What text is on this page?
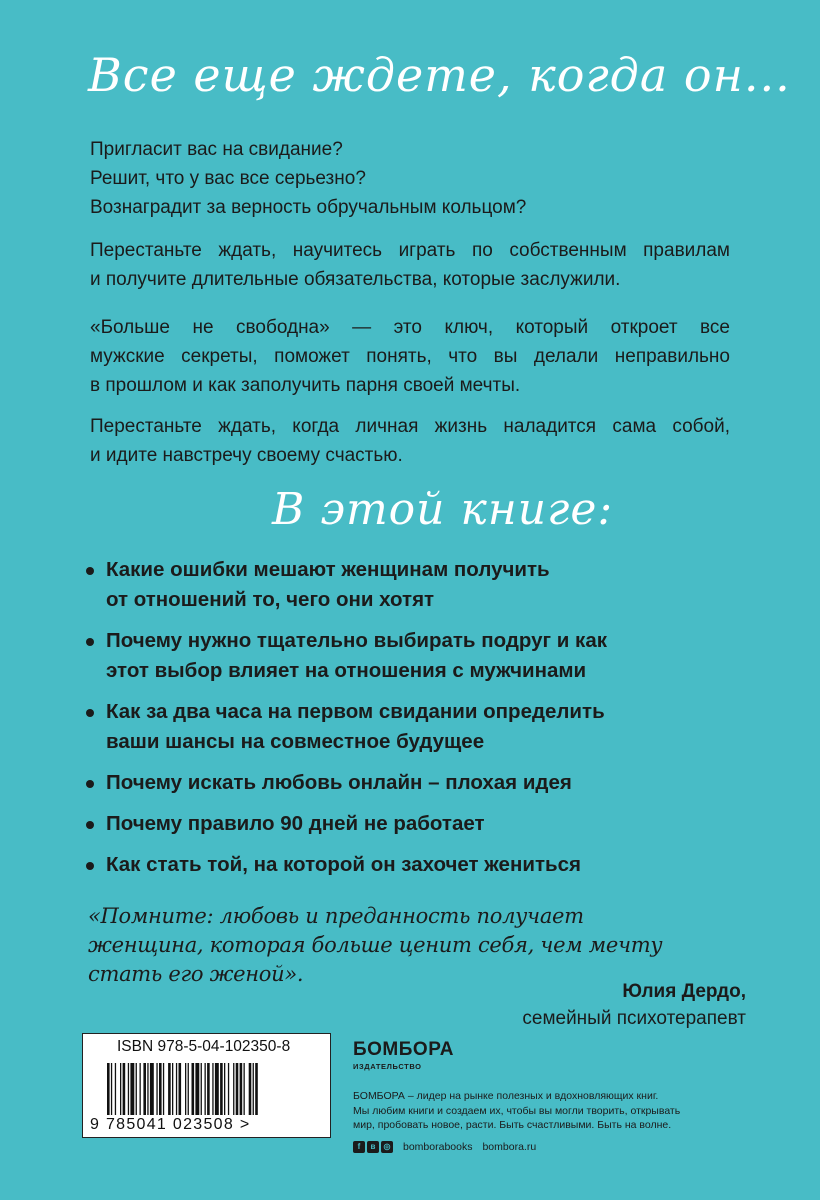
Все еще ждете, когда он...
Пригласит вас на свидание?
Решит, что у вас все серьезно?
Вознаградит за верность обручальным кольцом?
Перестаньте ждать, научитесь играть по собственным правилам
и получите длительные обязательства, которые заслужили.
«Больше не свободна» — это ключ, который откроет все
мужские секреты, поможет понять, что вы делали неправильно
в прошлом и как заполучить парня своей мечты.
Перестаньте ждать, когда личная жизнь наладится сама собой,
и идите навстречу своему счастью.
В этой книге:
Какие ошибки мешают женщинам получить
от отношений то, чего они хотят
Почему нужно тщательно выбирать подруг и как
этот выбор влияет на отношения с мужчинами
Как за два часа на первом свидании определить
ваши шансы на совместное будущее
Почему искать любовь онлайн – плохая идея
Почему правило 90 дней не работает
Как стать той, на которой он захочет жениться
«Помните: любовь и преданность получает
женщина, которая больше ценит себя, чем мечту
стать его женой».
Юлия Дердо,
семейный психотерапевт
ISBN 978-5-04-102350-8
9 785041 023508 >
БОМБОРА
ИЗДАТЕЛЬСТВО
БОМБОРА – лидер на рынке полезных и вдохновляющих книг.
Мы любим книги и создаем их, чтобы вы могли творить, открывать
мир, пробовать новое, расти. Быть счастливыми. Быть на волне.
f	в	◎ bomborabooks bombora.ru
